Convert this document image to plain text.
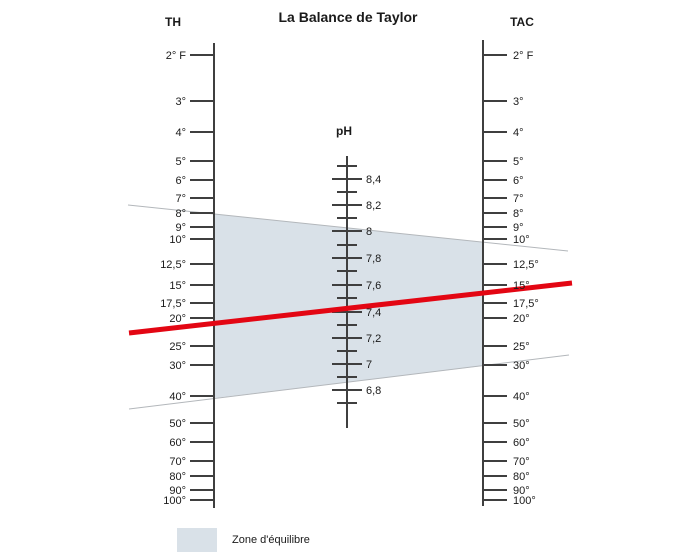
La Balance de Taylor
TH	TAC
pH
2° F
3°
4°
5°
6°
7°
8°
9°
10°
12,5°
15°
17,5°
20°
25°
30°
40°
50°
60°
70°
80°
90°
100°
2° F
3°
4°
5°
6°
7°
8°
9°
10°
12,5°
15°
17,5°
20°
25°
30°
40°
50°
60°
70°
80°
90°
100°
8,4
8,2
8
7,8
7,6
7,4
7,2
7
6,8
Zone d'équilibre
